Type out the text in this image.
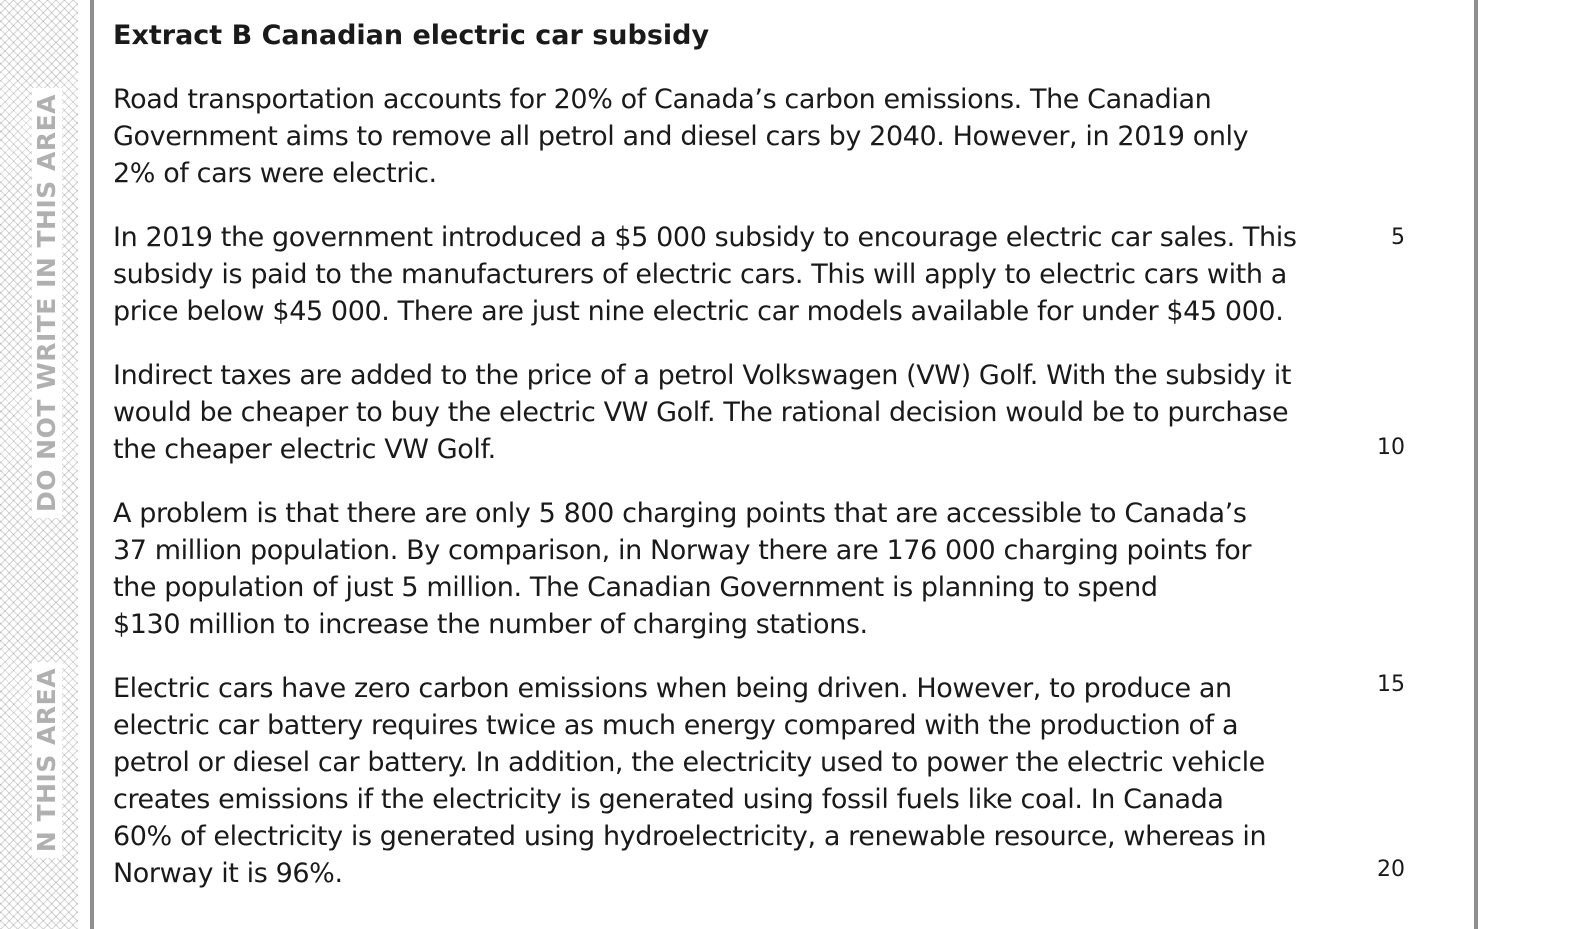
DO NOT WRITE IN THIS AREA
N THIS AREA
Extract B Canadian electric car subsidy

Road transportation accounts for 20% of Canada’s carbon emissions. The Canadian
Government aims to remove all petrol and diesel cars by 2040. However, in 2019 only
2% of cars were electric.

In 2019 the government introduced a $5 000 subsidy to encourage electric car sales. This
subsidy is paid to the manufacturers of electric cars. This will apply to electric cars with a
price below $45 000. There are just nine electric car models available for under $45 000.

Indirect taxes are added to the price of a petrol Volkswagen (VW) Golf. With the subsidy it
would be cheaper to buy the electric VW Golf. The rational decision would be to purchase
the cheaper electric VW Golf.

A problem is that there are only 5 800 charging points that are accessible to Canada’s
37 million population. By comparison, in Norway there are 176 000 charging points for
the population of just 5 million. The Canadian Government is planning to spend
$130 million to increase the number of charging stations.

Electric cars have zero carbon emissions when being driven. However, to produce an
electric car battery requires twice as much energy compared with the production of a
petrol or diesel car battery. In addition, the electricity used to power the electric vehicle
creates emissions if the electricity is generated using fossil fuels like coal. In Canada
60% of electricity is generated using hydroelectricity, a renewable resource, whereas in
Norway it is 96%.

5
10
15
20
